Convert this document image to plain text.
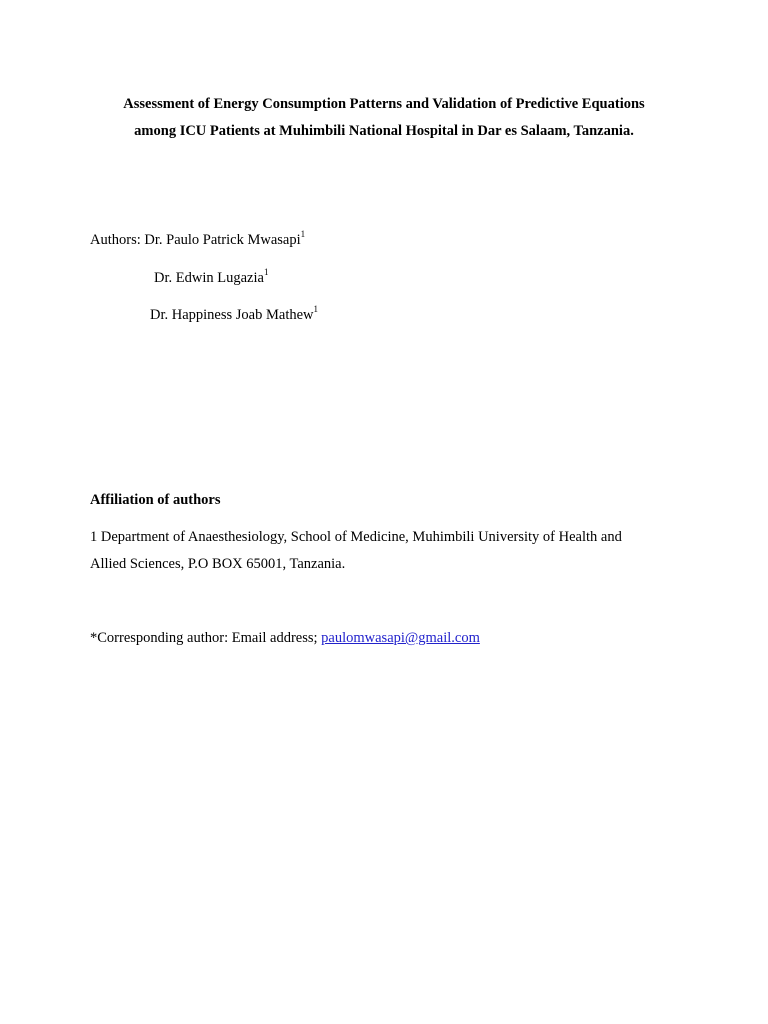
Assessment of Energy Consumption Patterns and Validation of Predictive Equations
among ICU Patients at Muhimbili National Hospital in Dar es Salaam, Tanzania.
Authors: Dr. Paulo Patrick Mwasapi$^1$
Dr. Edwin Lugazia$^1$
Dr. Happiness Joab Mathew$^1$
Affiliation of authors
1 Department of Anaesthesiology, School of Medicine, Muhimbili University of Health and
Allied Sciences, P.O BOX 65001, Tanzania.
*Corresponding author: Email address; paulomwasapi@gmail.com
